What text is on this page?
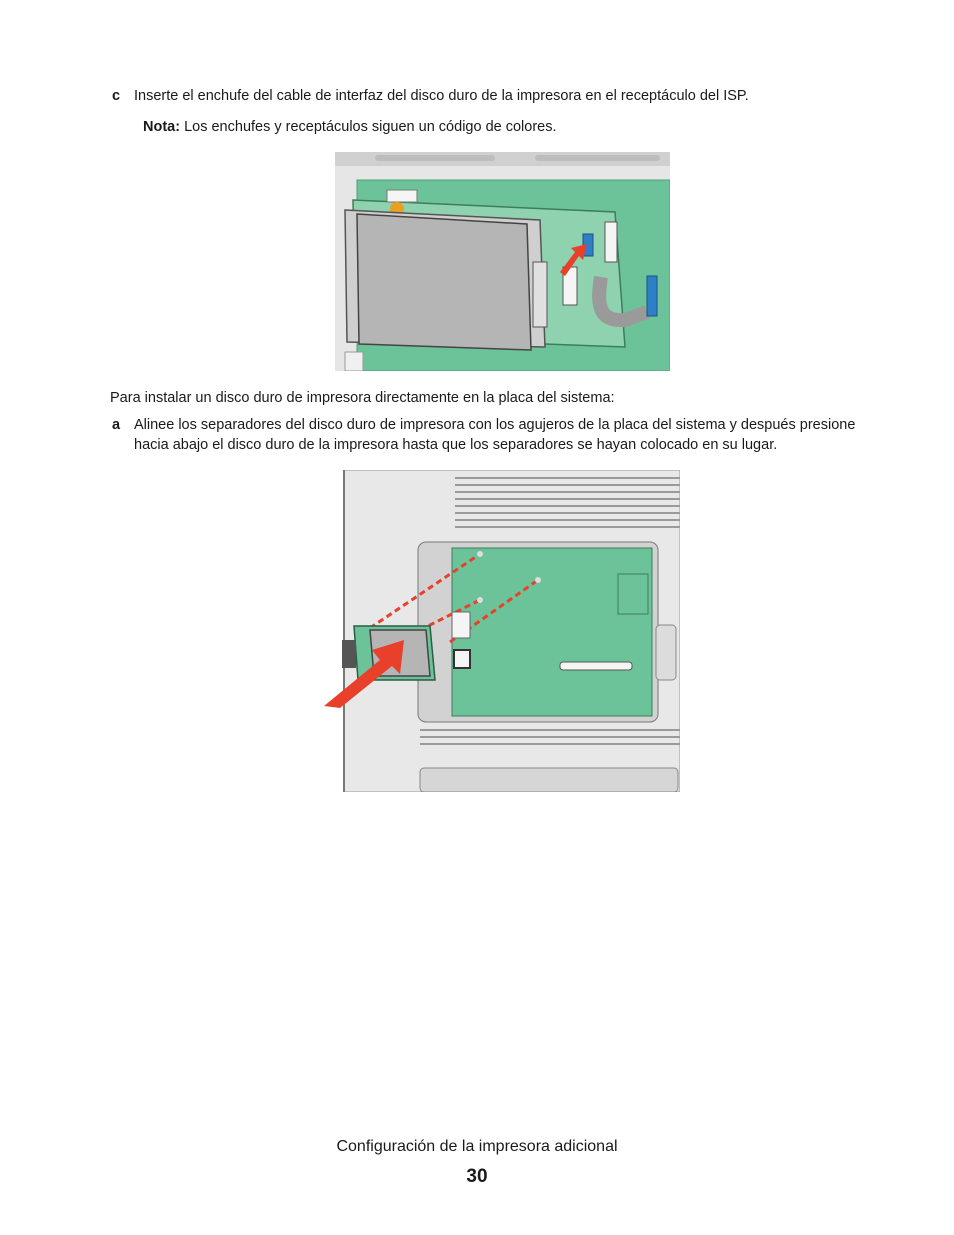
c Inserte el enchufe del cable de interfaz del disco duro de la impresora en el receptáculo del ISP.
Nota: Los enchufes y receptáculos siguen un código de colores.
Para instalar un disco duro de impresora directamente en la placa del sistema:
a Alinee los separadores del disco duro de impresora con los agujeros de la placa del sistema y después presione hacia abajo el disco duro de la impresora hasta que los separadores se hayan colocado en su lugar.
Configuración de la impresora adicional
30
